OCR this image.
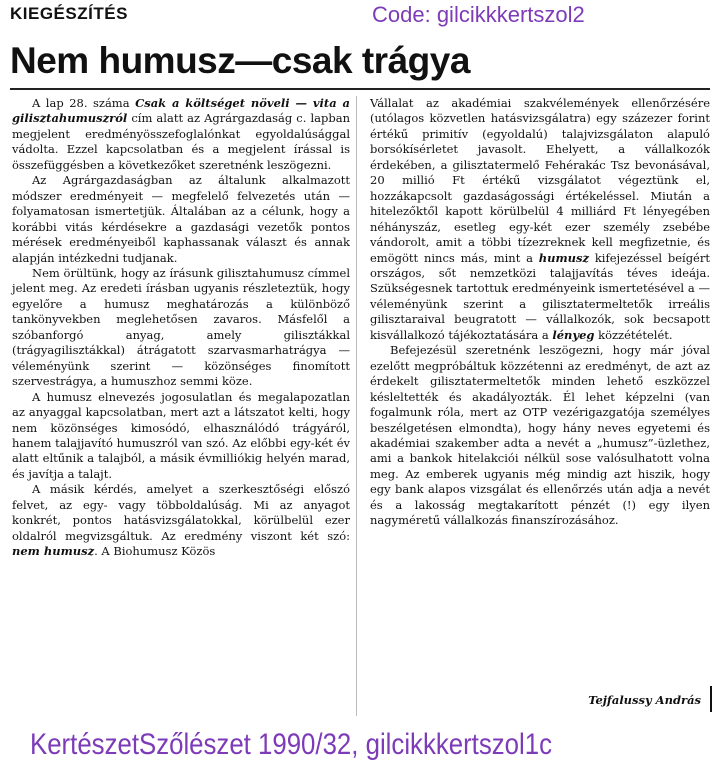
KIEGÉSZÍTÉS	Code: gilcikkkertszol2
Nem humusz—csak trágya

A lap 28. száma Csak a költséget növeli — vita a gilisztahumuszról cím alatt az Agrárgazdaság c. lapban megjelent eredményösszefoglalónkat egyoldalúsággal vádolta. Ezzel kapcsolatban és a megjelent írással is összefüggésben a következőket szeretnénk leszögezni.

Az Agrárgazdaságban az általunk alkalmazott módszer eredményeit — megfelelő felvezetés után — folyamatosan ismertetjük. Általában az a célunk, hogy a korábbi vitás kérdésekre a gazdasági vezetők pontos mérések eredményeiből kaphassanak választ és annak alapján intézkedni tudjanak.

Nem örültünk, hogy az írásunk gilisztahumusz címmel jelent meg. Az eredeti írásban ugyanis részleteztük, hogy egyelőre a humusz meghatározás a különböző tankönyvekben meglehetősen zavaros. Másfelől a szóbanforgó anyag, amely gilisztákkal (trágyagilisztákkal) átrágatott szarvasmarhatrágya — véleményünk szerint — közönséges finomított szervestrágya, a humuszhoz semmi köze.

A humusz elnevezés jogosulatlan és megalapozatlan az anyaggal kapcsolatban, mert azt a látszatot kelti, hogy nem közönséges kimosódó, elhasználódó trágyáról, hanem talajjavító humuszról van szó. Az előbbi egy-két év alatt eltűnik a talajból, a másik évmilliókig helyén marad, és javítja a talajt.

A másik kérdés, amelyet a szerkesztőségi előszó felvet, az egy- vagy többoldalúság. Mi az anyagot konkrét, pontos hatásvizsgálatokkal, körülbelül ezer oldalról megvizsgáltuk. Az eredmény viszont két szó: nem humusz. A Biohumusz Közös

Vállalat az akadémiai szakvélemények ellenőrzésére (utólagos közvetlen hatásvizsgálatra) egy százezer forint értékű primitív (egyoldalú) talajvizsgálaton alapuló borsókísérletet javasolt. Ehelyett, a vállalkozók érdekében, a gilisztatermelő Fehérakác Tsz bevonásával, 20 millió Ft értékű vizsgálatot végeztünk el, hozzákapcsolt gazdaságossági értékeléssel. Miután a hitelezőktől kapott körülbelül 4 milliárd Ft lényegében néhányszáz, esetleg egy-két ezer személy zsebébe vándorolt, amit a többi tízezreknek kell megfizetnie, és emögött nincs más, mint a humusz kifejezéssel beígért országos, sőt nemzetközi talajjavítás téves ideája. Szükségesnek tartottuk eredményeink ismertetésével a — véleményünk szerint a gilisztatermeltetők irreális gilisztaraival beugratott — vállalkozók, sok becsapott kisvállalkozó tájékoztatására a lényeg közzétételét.

Befejezésül szeretnénk leszögezni, hogy már jóval ezelőtt megpróbáltuk közzétenni az eredményt, de azt az érdekelt gilisztatermeltetők minden lehető eszközzel késleltették és akadályozták. Él lehet képzelni (van fogalmunk róla, mert az OTP vezérigazgatója személyes beszélgetésen elmondta), hogy hány neves egyetemi és akadémiai szakember adta a nevét a „humusz”-üzlethez, ami a bankok hitelakciói nélkül sose valósulhatott volna meg. Az emberek ugyanis még mindig azt hiszik, hogy egy bank alapos vizsgálat és ellenőrzés után adja a nevét és a lakosság megtakarított pénzét (!) egy ilyen nagyméretű vállalkozás finanszírozásához.

Tejfalussy András
KertészetSzőlészet 1990/32, gilcikkkertszol1c
